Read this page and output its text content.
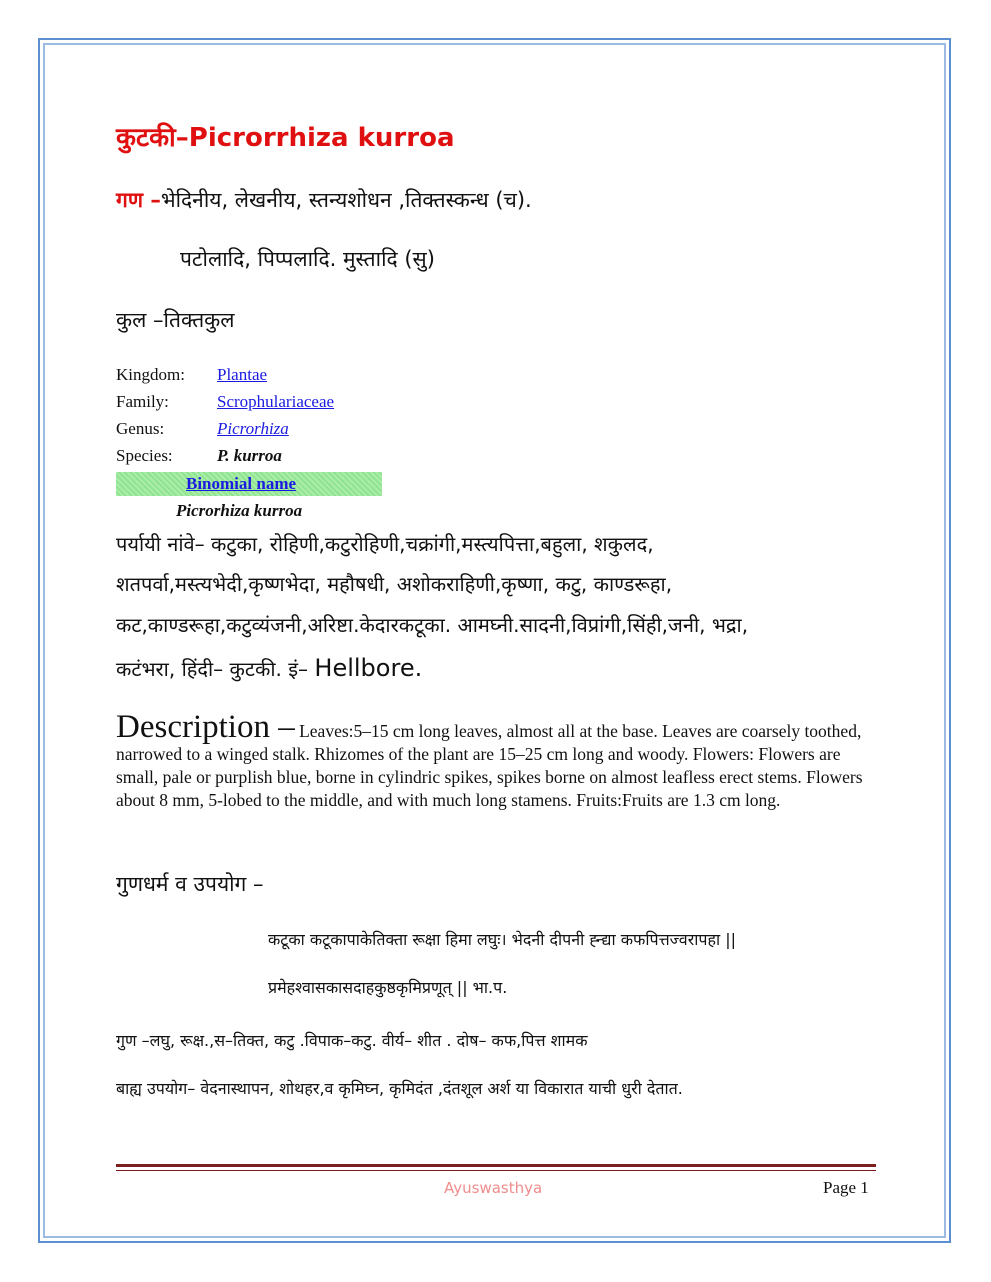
कुटकी–Picrorrhiza kurroa
गण –भेदिनीय, लेखनीय, स्तन्यशोधन ,तिक्तस्कन्ध (च).
पटोलादि, पिप्पलादि. मुस्तादि (सु)
कुल –तिक्तकुल
Kingdom: Plantae
Family:	Scrophulariaceae
Genus:	Picrorhiza
Species:	P. kurroa
Binomial name
Picrorhiza kurroa
पर्यायी नांवे– कटुका, रोहिणी,कटुरोहिणी,चक्रांगी,मस्त्यपित्ता,बहुला, शकुलद,
शतपर्वा,मस्त्यभेदी,कृष्णभेदा, महौषधी, अशोकराहिणी,कृष्णा, कटु, काण्डरूहा,
कट,काण्डरूहा,कटुव्यंजनी,अरिष्टा.केदारकटूका. आमघ्नी.सादनी,विप्रांगी,सिंही,जनी, भद्रा,
कटंभरा, हिंदी– कुटकी. इं– Hellbore.
Description – Leaves:5–15 cm long leaves, almost all at the base. Leaves are coarsely toothed, narrowed to a winged stalk. Rhizomes of the plant are 15–25 cm long and woody. Flowers: Flowers are small, pale or purplish blue, borne in cylindric spikes, spikes borne on almost leafless erect stems. Flowers about 8 mm, 5-lobed to the middle, and with much long stamens. Fruits:Fruits are 1.3 cm long.
गुणधर्म व उपयोग –
कटूका कटूकापाकेतिक्ता रूक्षा हिमा लघुः। भेदनी दीपनी ह्न्द्या कफपित्तज्वरापहा ||
प्रमेहश्वासकासदाहकुष्ठकृमिप्रणूत् || भा.प.
गुण –लघु, रूक्ष.,स–तिक्त, कटु .विपाक–कटु. वीर्य– शीत . दोष– कफ,पित्त शामक
बाह्य उपयोग– वेदनास्थापन, शोथहर,व कृमिघ्न, कृमिदंत ,दंतशूल अर्श या विकारात याची धुरी देतात.
Ayuswasthya	Page 1
